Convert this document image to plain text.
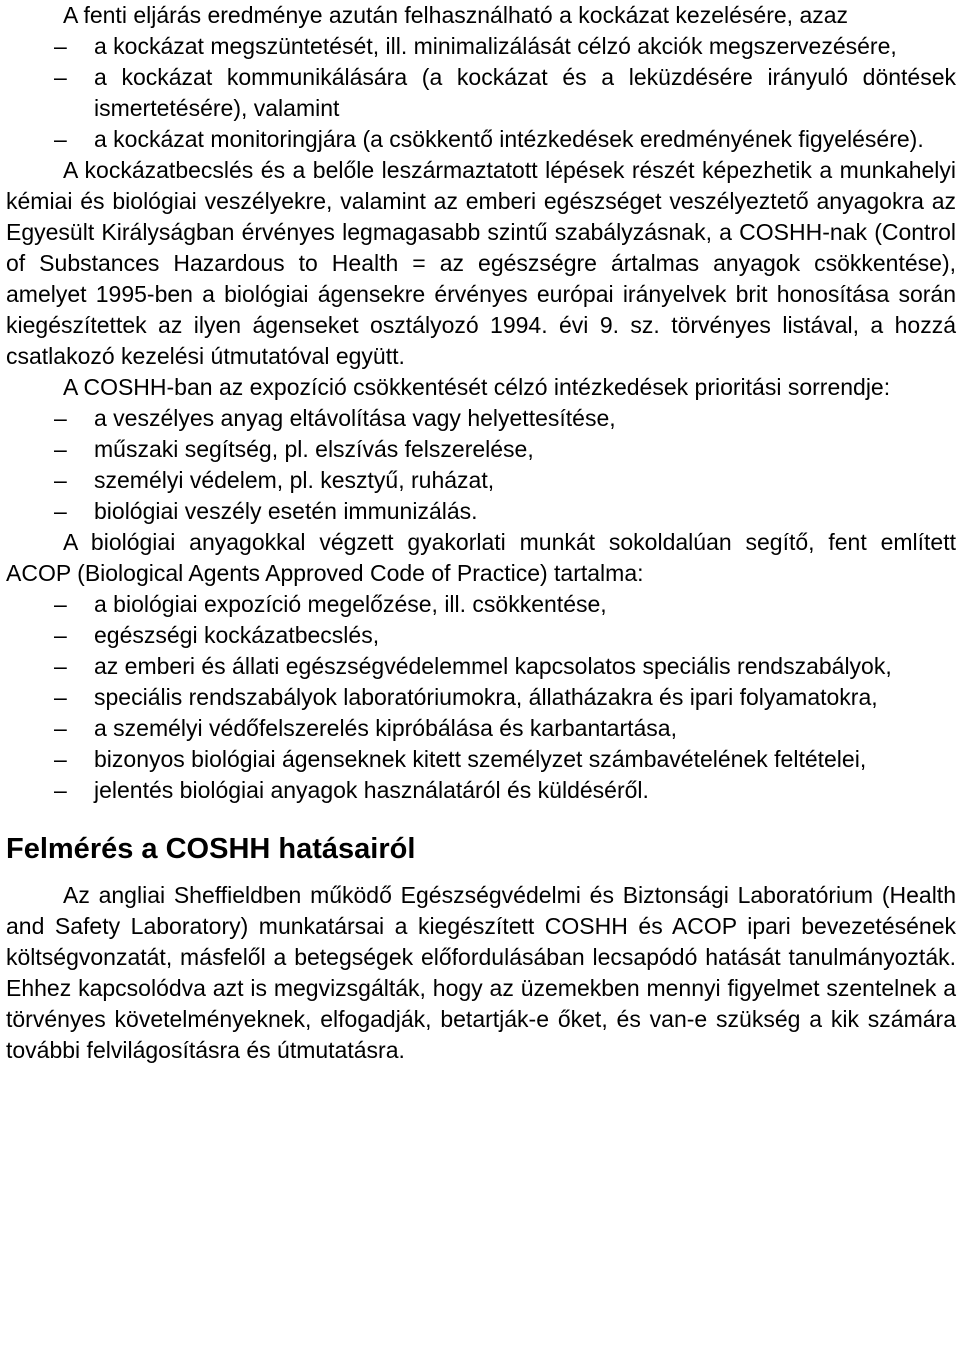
A fenti eljárás eredménye azután felhasználható a kockázat kezelésére, azaz

– a kockázat megszüntetését, ill. minimalizálását célzó akciók megszervezésére,
– a kockázat kommunikálására (a kockázat és a leküzdésére irányuló döntések ismertetésére), valamint
– a kockázat monitoringjára (a csökkentő intézkedések eredményének figyelésére).

A kockázatbecslés és a belőle leszármaztatott lépések részét képezhetik a munkahelyi kémiai és biológiai veszélyekre, valamint az emberi egészséget veszélyeztető anyagokra az Egyesült Királyságban érvényes legmagasabb szintű szabályzásnak, a COSHH-nak (Control of Substances Hazardous to Health = az egészségre ártalmas anyagok csökkentése), amelyet 1995-ben a biológiai ágensekre érvényes európai irányelvek brit honosítása során kiegészítettek az ilyen ágenseket osztályozó 1994. évi 9. sz. törvényes listával, a hozzá csatlakozó kezelési útmutatóval együtt.

A COSHH-ban az expozíció csökkentését célzó intézkedések prioritási sorrendje:

– a veszélyes anyag eltávolítása vagy helyettesítése,
– műszaki segítség, pl. elszívás felszerelése,
– személyi védelem, pl. kesztyű, ruházat,
– biológiai veszély esetén immunizálás.

A biológiai anyagokkal végzett gyakorlati munkát sokoldalúan segítő, fent említett ACOP (Biological Agents Approved Code of Practice) tartalma:

– a biológiai expozíció megelőzése, ill. csökkentése,
– egészségi kockázatbecslés,
– az emberi és állati egészségvédelemmel kapcsolatos speciális rendszabályok,
– speciális rendszabályok laboratóriumokra, állatházakra és ipari folyamatokra,
– a személyi védőfelszerelés kipróbálása és karbantartása,
– bizonyos biológiai ágenseknek kitett személyzet számbavételének feltételei,
– jelentés biológiai anyagok használatáról és küldéséről.
Felmérés a COSHH hatásairól

Az angliai Sheffieldben működő Egészségvédelmi és Biztonsági Laboratórium (Health and Safety Laboratory) munkatársai a kiegészített COSHH és ACOP ipari bevezetésének költségvonzatát, másfelől a betegségek előfordulásában lecsapódó hatását tanulmányozták. Ehhez kapcsolódva azt is megvizsgálták, hogy az üzemekben mennyi figyelmet szentelnek a törvényes követelményeknek, elfogadják, betartják-e őket, és van-e szükség a kik számára további felvilágosításra és útmutatásra.
